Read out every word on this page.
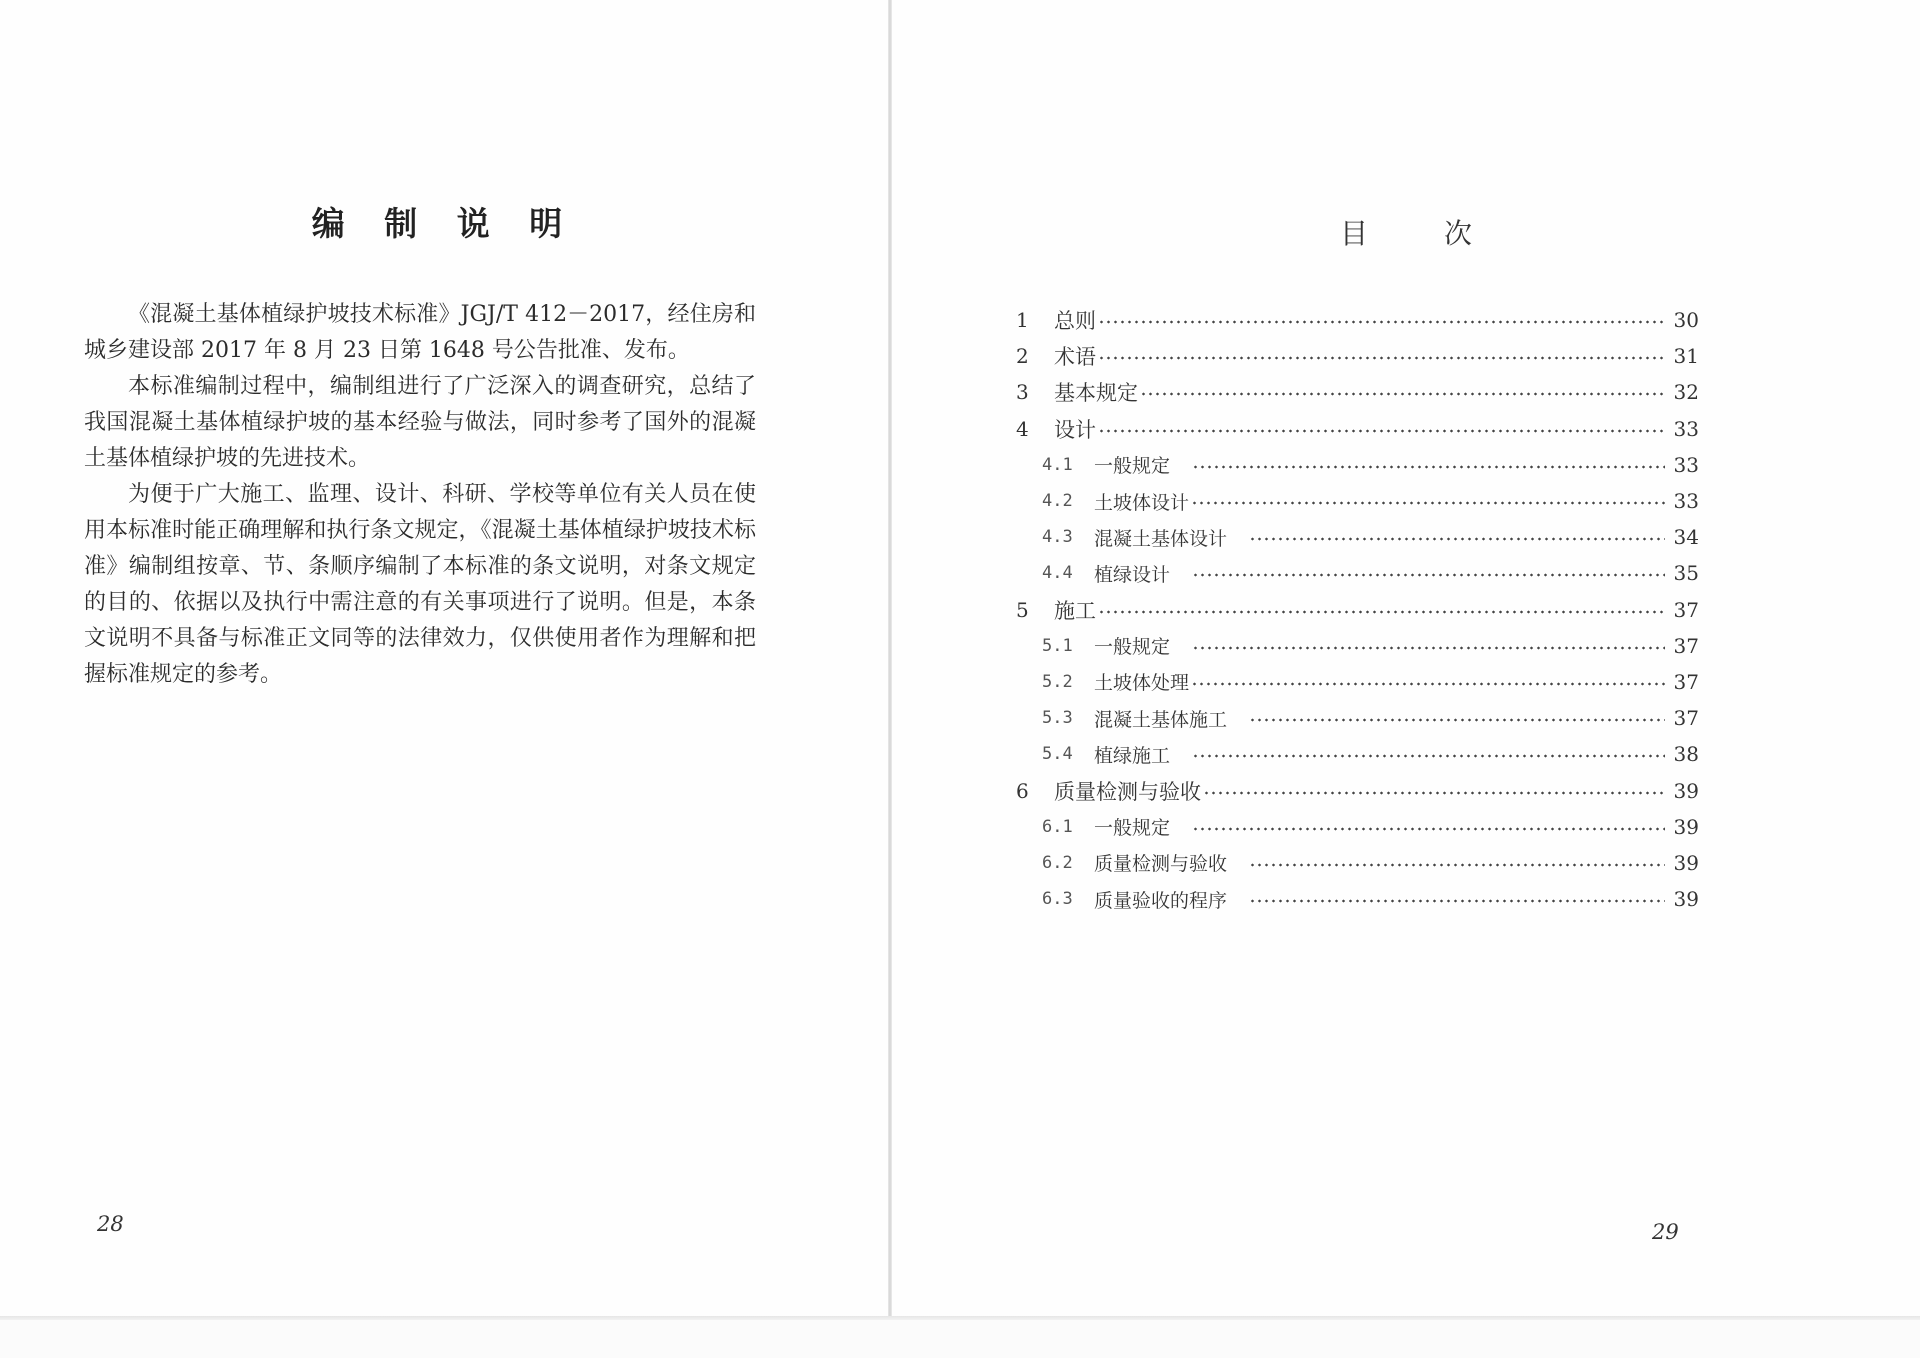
编 制 说 明

《混凝土基体植绿护坡技术标准》JGJ/T 412－2017，经住房和城乡建设部 2017 年 8 月 23 日第 1648 号公告批准、发布。

本标准编制过程中，编制组进行了广泛深入的调查研究，总结了我国混凝土基体植绿护坡的基本经验与做法，同时参考了国外的混凝土基体植绿护坡的先进技术。

为便于广大施工、监理、设计、科研、学校等单位有关人员在使用本标准时能正确理解和执行条文规定，《混凝土基体植绿护坡技术标准》编制组按章、节、条顺序编制了本标准的条文说明，对条文规定的目的、依据以及执行中需注意的有关事项进行了说明。但是，本条文说明不具备与标准正文同等的法律效力，仅供使用者作为理解和把握标准规定的参考。

28
目	次
1	总则	30
2	术语	31
3	基本规定	32
4	设计	33
4.1	一般规定	33
4.2	土坡体设计	33
4.3	混凝土基体设计	34
4.4	植绿设计	35
5	施工	37
5.1	一般规定	37
5.2	土坡体处理	37
5.3	混凝土基体施工	37
5.4	植绿施工	38
6	质量检测与验收	39
6.1	一般规定	39
6.2	质量检测与验收	39
6.3	质量验收的程序	39
29
